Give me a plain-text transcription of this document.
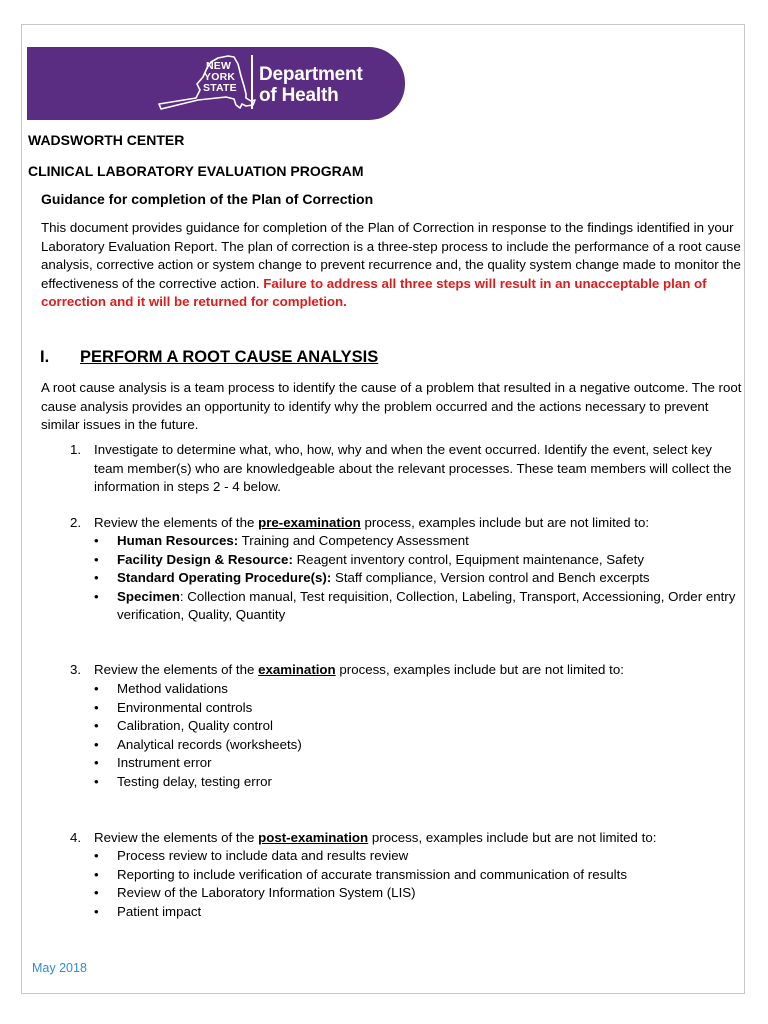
NEW
YORK
STATE
Department
of Health
WADSWORTH CENTER
CLINICAL LABORATORY EVALUATION PROGRAM
Guidance for completion of the Plan of Correction
This document provides guidance for completion of the Plan of Correction in response to the findings identified in your Laboratory Evaluation Report. The plan of correction is a three-step process to include the performance of a root cause analysis, corrective action or system change to prevent recurrence and, the quality system change made to monitor the effectiveness of the corrective action. Failure to address all three steps will result in an unacceptable plan of correction and it will be returned for completion.
I. PERFORM A ROOT CAUSE ANALYSIS
A root cause analysis is a team process to identify the cause of a problem that resulted in a negative outcome. The root cause analysis provides an opportunity to identify why the problem occurred and the actions necessary to prevent similar issues in the future.
1. Investigate to determine what, who, how, why and when the event occurred. Identify the event, select key team member(s) who are knowledgeable about the relevant processes. These team members will collect the information in steps 2 - 4 below.
2. Review the elements of the pre-examination process, examples include but are not limited to:
• Human Resources: Training and Competency Assessment
• Facility Design & Resource: Reagent inventory control, Equipment maintenance, Safety
• Standard Operating Procedure(s): Staff compliance, Version control and Bench excerpts
• Specimen: Collection manual, Test requisition, Collection, Labeling, Transport, Accessioning, Order entry verification, Quality, Quantity
3. Review the elements of the examination process, examples include but are not limited to:
• Method validations
• Environmental controls
• Calibration, Quality control
• Analytical records (worksheets)
• Instrument error
• Testing delay, testing error
4. Review the elements of the post-examination process, examples include but are not limited to:
• Process review to include data and results review
• Reporting to include verification of accurate transmission and communication of results
• Review of the Laboratory Information System (LIS)
• Patient impact
May 2018
